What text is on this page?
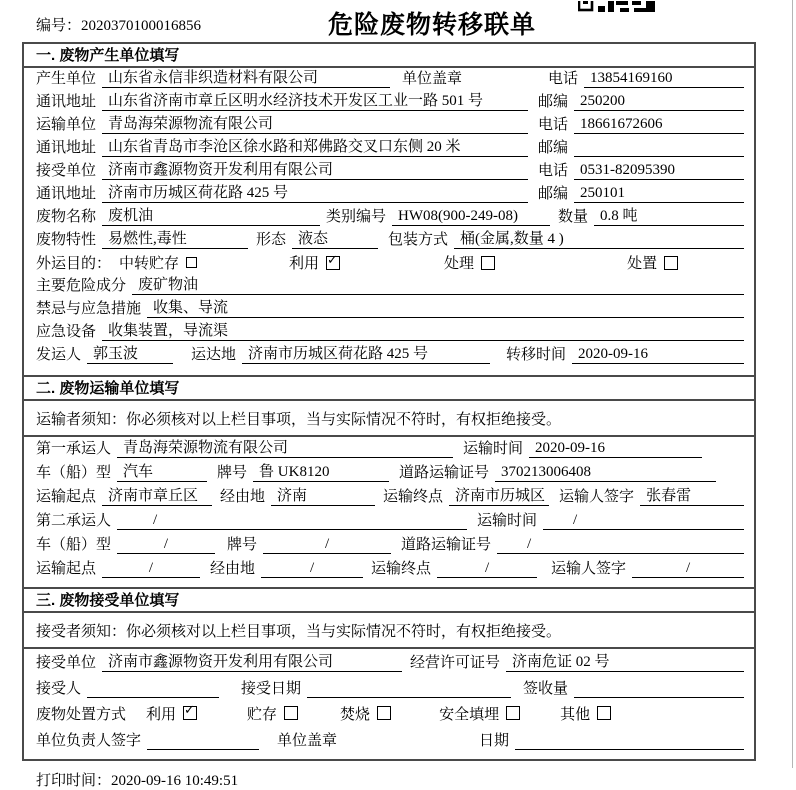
编号：2020370100016856	危险废物转移联单
一. 废物产生单位填写
产生单位 山东省永信非织造材料有限公司	单位盖章	电话 13854169160
通讯地址 山东省济南市章丘区明水经济技术开发区工业一路 501 号	邮编 250200
运输单位 青岛海荣源物流有限公司	电话 18661672606
通讯地址 山东省青岛市李沧区徐水路和郑佛路交叉口东侧 20 米	邮编
接受单位 济南市鑫源物资开发利用有限公司	电话 0531-82095390
通讯地址 济南市历城区荷花路 425 号	邮编 250101
废物名称 废机油	类别编号 HW08(900-249-08)	数量 0.8 吨
废物特性 易燃性,毒性	形态 液态	包装方式 桶(金属,数量 4 )
外运目的： 中转贮存	利用 ✓	处理	处置
主要危险成分 废矿物油
禁忌与应急措施 收集、导流
应急设备 收集装置，导流渠
发运人 郭玉波	运达地 济南市历城区荷花路 425 号	转移时间 2020-09-16
二. 废物运输单位填写
运输者须知：你必须核对以上栏目事项，当与实际情况不符时，有权拒绝接受。
第一承运人 青岛海荣源物流有限公司	运输时间 2020-09-16
车（船）型 汽车	牌号 鲁 UK8120	道路运输证号 370213006408
运输起点 济南市章丘区	经由地 济南	运输终点 济南市历城区 运输人签字 张春雷
第二承运人	/	运输时间	/
车（船）型	/	牌号	/	道路运输证号	/
运输起点	/	经由地	/	运输终点	/	运输人签字	/
三. 废物接受单位填写
接受者须知：你必须核对以上栏目事项，当与实际情况不符时，有权拒绝接受。
接受单位 济南市鑫源物资开发利用有限公司	经营许可证号 济南危证 02 号
接受人	接受日期	签收量
废物处置方式 利用 ✓	贮存	焚烧	安全填埋	其他
单位负责人签字	单位盖章	日期
打印时间：2020-09-16 10:49:51
